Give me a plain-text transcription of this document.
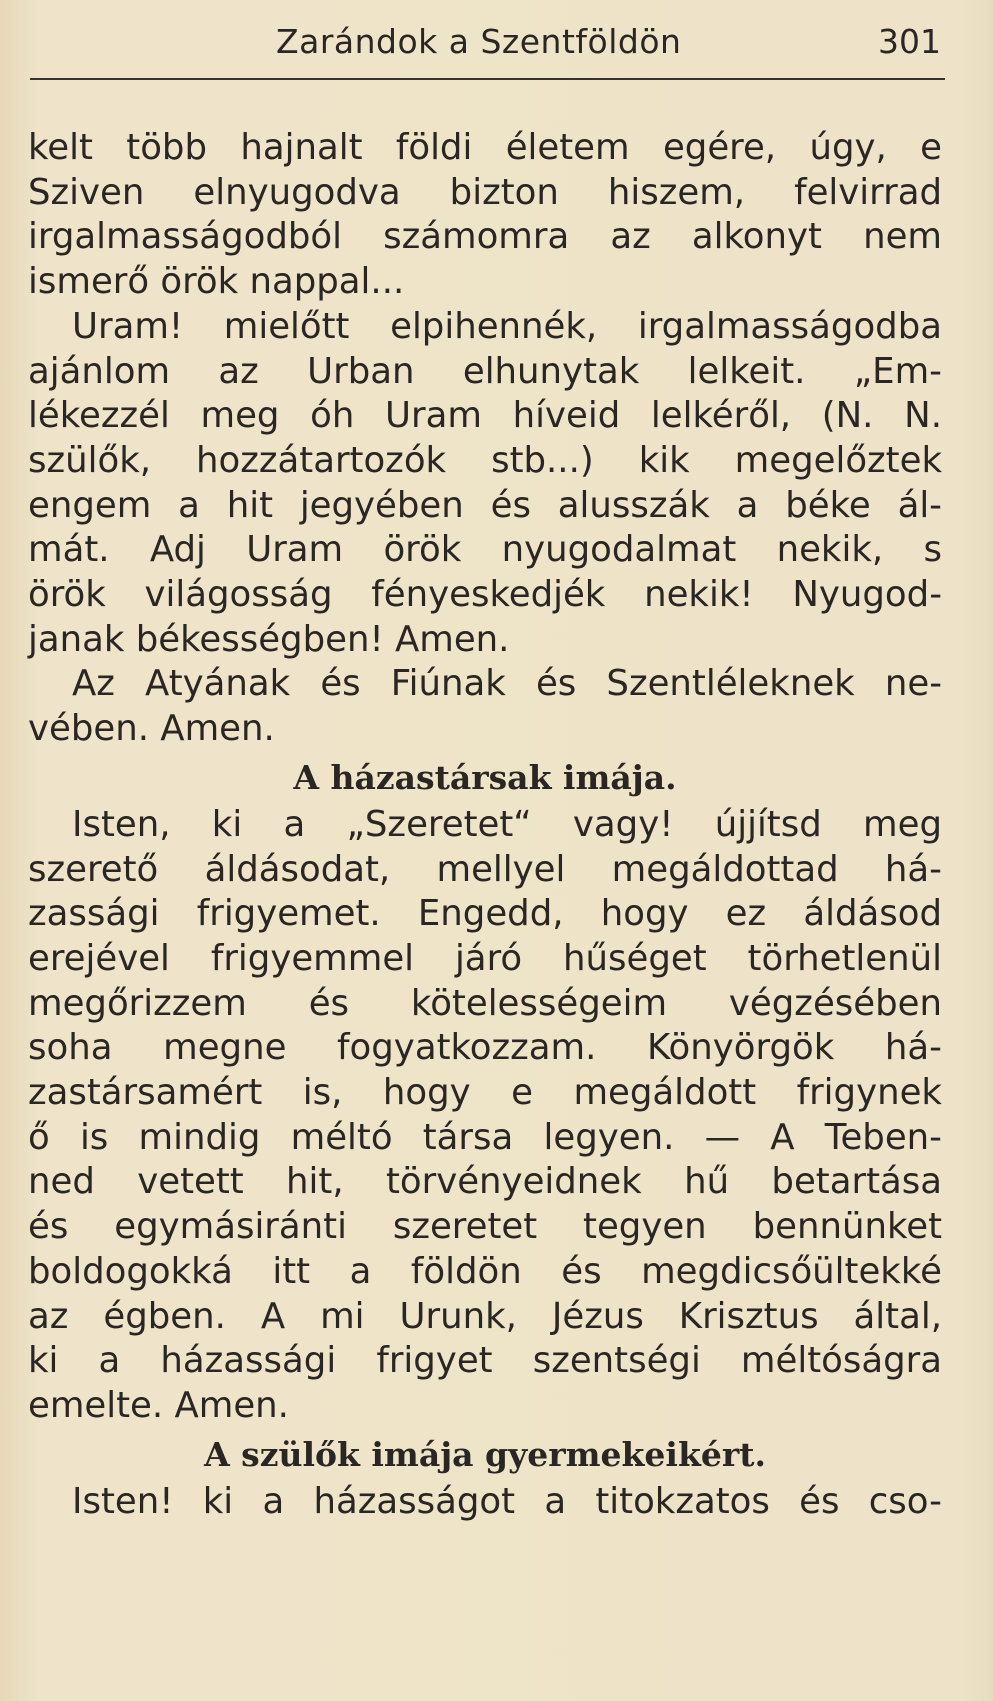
Zarándok a Szentföldön	301
kelt több hajnalt földi életem egére, úgy, e
Sziven elnyugodva bizton hiszem, felvirrad
irgalmasságodból számomra az alkonyt nem
ismerő örök nappal...
Uram! mielőtt elpihennék, irgalmasságodba
ajánlom az Urban elhunytak lelkeit. „Em-
lékezzél meg óh Uram híveid lelkéről, (N. N.
szülők, hozzátartozók stb...) kik megelőztek
engem a hit jegyében és alusszák a béke ál-
mát. Adj Uram örök nyugodalmat nekik, s
örök világosság fényeskedjék nekik! Nyugod-
janak békességben! Amen.
Az Atyának és Fiúnak és Szentléleknek ne-
vében. Amen.
A házastársak imája.
Isten, ki a „Szeretet“ vagy! újjítsd meg
szerető áldásodat, mellyel megáldottad há-
zassági frigyemet. Engedd, hogy ez áldásod
erejével frigyemmel járó hűséget törhetlenül
megőrizzem és kötelességeim végzésében
soha megne fogyatkozzam. Könyörgök há-
zastársamért is, hogy e megáldott frigynek
ő is mindig méltó társa legyen. — A Teben-
ned vetett hit, törvényeidnek hű betartása
és egymásiránti szeretet tegyen bennünket
boldogokká itt a földön és megdicsőültekké
az égben. A mi Urunk, Jézus Krisztus által,
ki a házassági frigyet szentségi méltóságra
emelte. Amen.
A szülők imája gyermekeikért.
Isten! ki a házasságot a titokzatos és cso-
